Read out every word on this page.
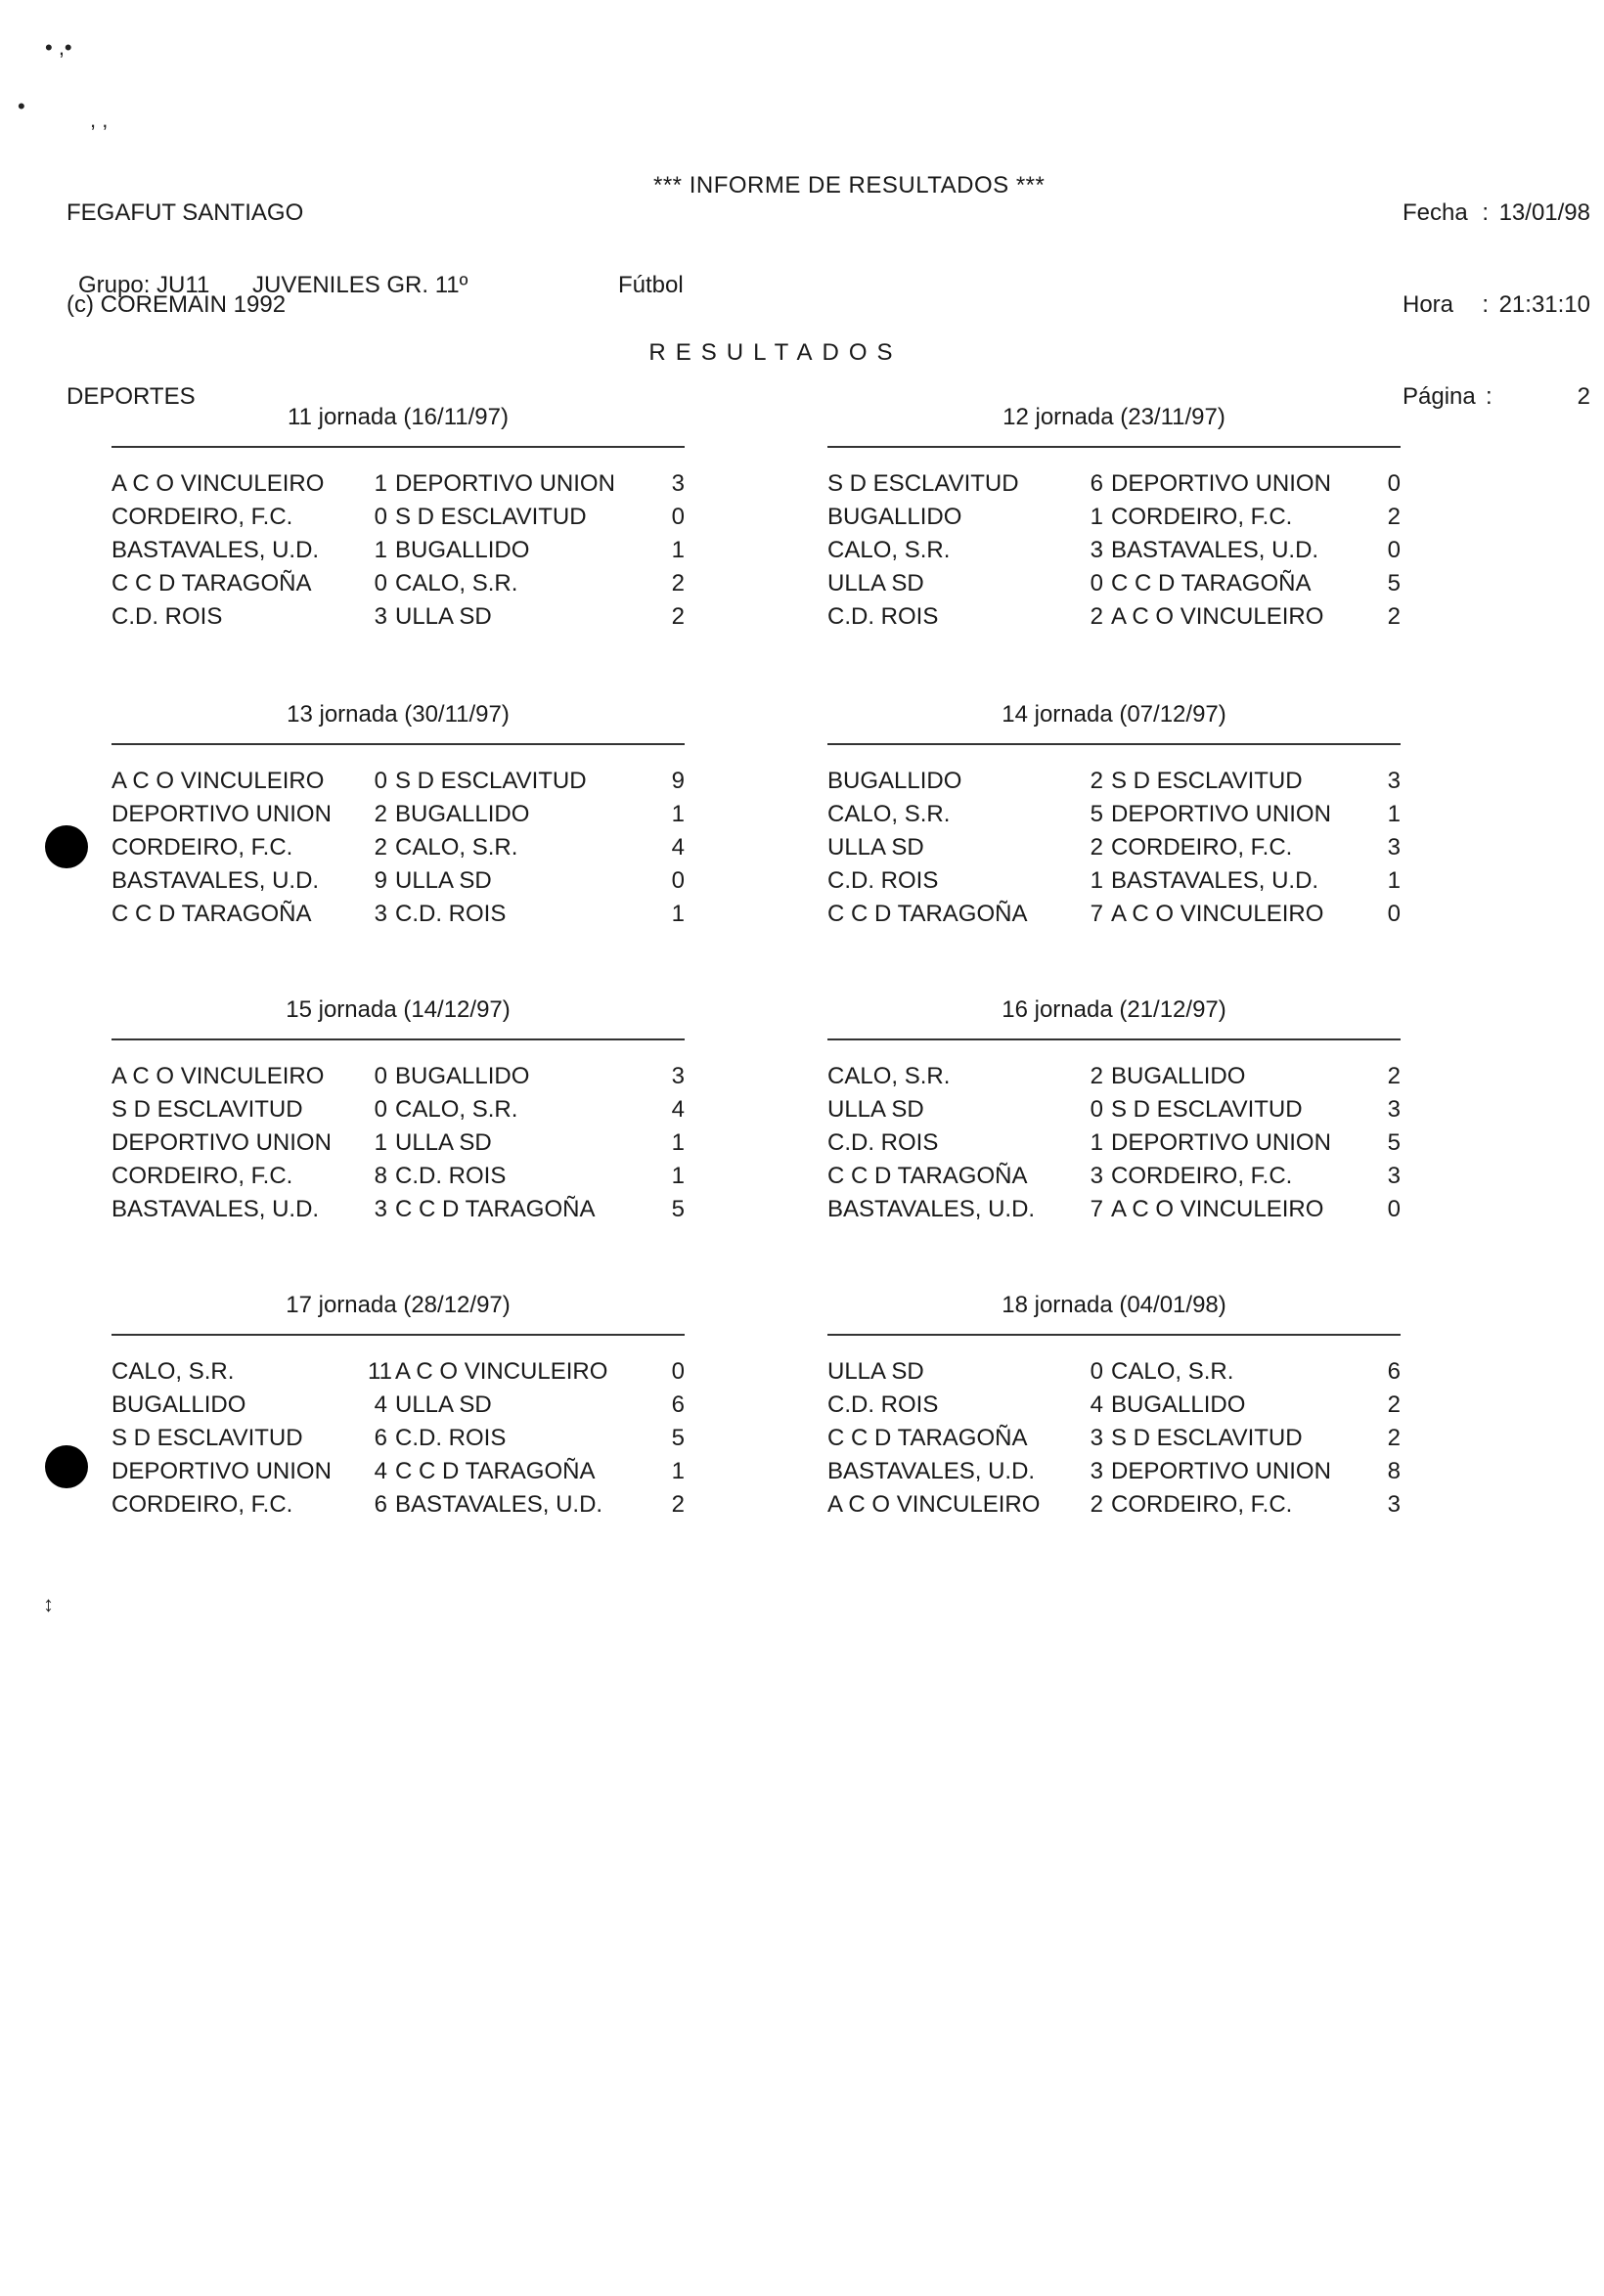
• ,•
•
, ,
↕

FEGAFUT SANTIAGO

(c) COREMAIN 1992

DEPORTES

*** INFORME DE RESULTADOS ***

Fecha : 13/01/98

Hora	: 21:31:10

Página :	2

Grupo: JU11

JUVENILES GR. 11º

	Fútbol

RESULTADOS
11 jornada (16/11/97)
A C O VINCULEIRO	1 DEPORTIVO UNION	3
CORDEIRO, F.C.	0 S D ESCLAVITUD	0
BASTAVALES, U.D.	1 BUGALLIDO	1
C C D TARAGOÑA	0 CALO, S.R.	2
C.D. ROIS	3 ULLA SD	2
12 jornada (23/11/97)
S D ESCLAVITUD	6 DEPORTIVO UNION	0
BUGALLIDO	1 CORDEIRO, F.C.	2
CALO, S.R.	3 BASTAVALES, U.D.	0
ULLA SD	0 C C D TARAGOÑA	5
C.D. ROIS	2 A C O VINCULEIRO	2
13 jornada (30/11/97)
A C O VINCULEIRO	0 S D ESCLAVITUD	9
DEPORTIVO UNION	2 BUGALLIDO	1
CORDEIRO, F.C.	2 CALO, S.R.	4
BASTAVALES, U.D.	9 ULLA SD	0
C C D TARAGOÑA	3 C.D. ROIS	1
14 jornada (07/12/97)
BUGALLIDO	2 S D ESCLAVITUD	3
CALO, S.R.	5 DEPORTIVO UNION	1
ULLA SD	2 CORDEIRO, F.C.	3
C.D. ROIS	1 BASTAVALES, U.D.	1
C C D TARAGOÑA	7 A C O VINCULEIRO	0
15 jornada (14/12/97)
A C O VINCULEIRO	0 BUGALLIDO	3
S D ESCLAVITUD	0 CALO, S.R.	4
DEPORTIVO UNION	1 ULLA SD	1
CORDEIRO, F.C.	8 C.D. ROIS	1
BASTAVALES, U.D.	3 C C D TARAGOÑA	5
16 jornada (21/12/97)
CALO, S.R.	2 BUGALLIDO	2
ULLA SD	0 S D ESCLAVITUD	3
C.D. ROIS	1 DEPORTIVO UNION	5
C C D TARAGOÑA	3 CORDEIRO, F.C.	3
BASTAVALES, U.D.	7 A C O VINCULEIRO	0
17 jornada (28/12/97)
CALO, S.R.	11 A C O VINCULEIRO	0
BUGALLIDO	4 ULLA SD	6
S D ESCLAVITUD	6 C.D. ROIS	5
DEPORTIVO UNION	4 C C D TARAGOÑA	1
CORDEIRO, F.C.	6 BASTAVALES, U.D.	2
18 jornada (04/01/98)
ULLA SD	0 CALO, S.R.	6
C.D. ROIS	4 BUGALLIDO	2
C C D TARAGOÑA	3 S D ESCLAVITUD	2
BASTAVALES, U.D.	3 DEPORTIVO UNION	8
A C O VINCULEIRO	2 CORDEIRO, F.C.	3
